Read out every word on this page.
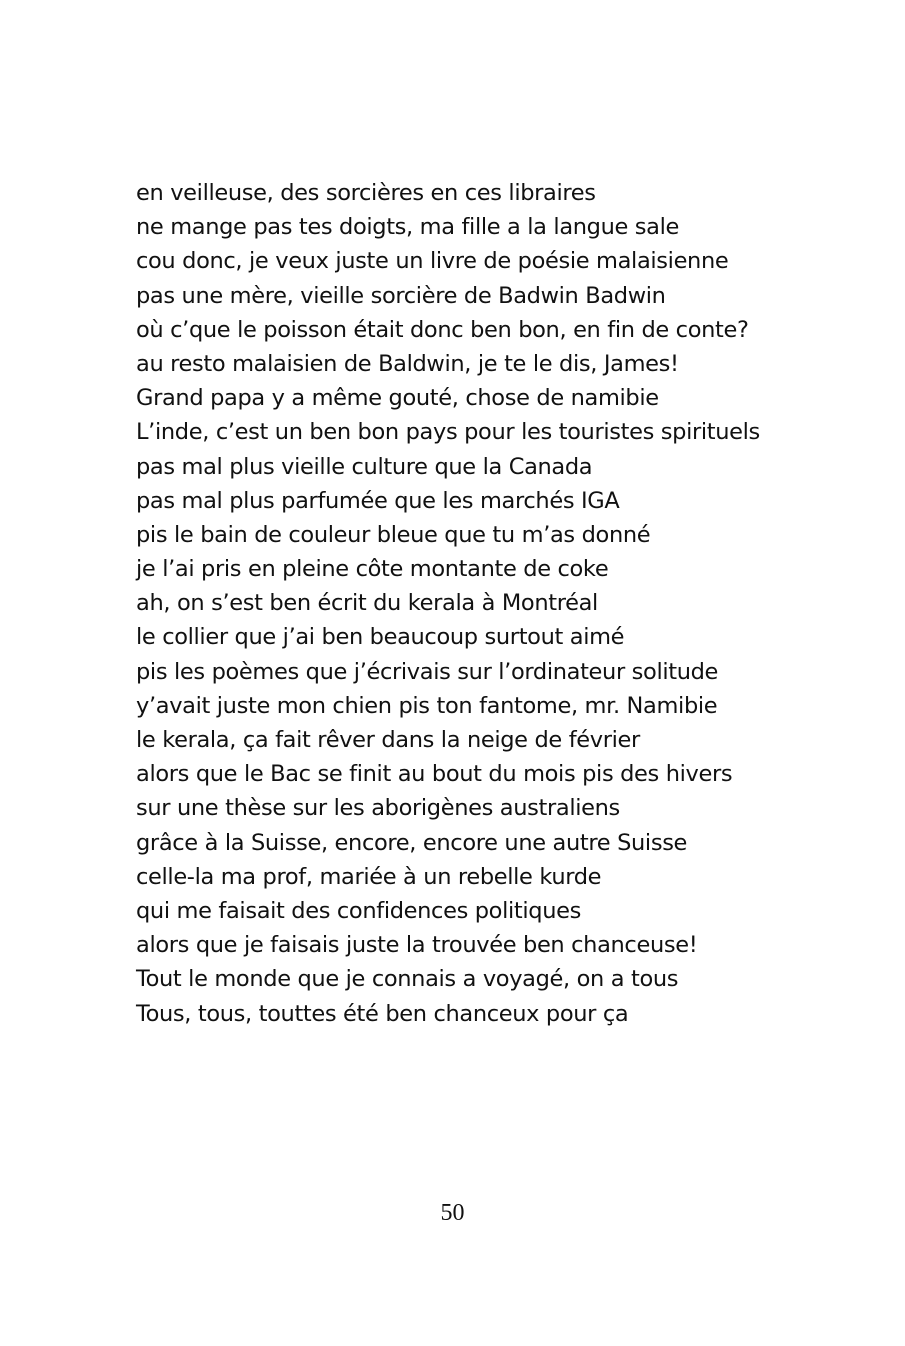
en veilleuse, des sorcières en ces libraires
ne mange pas tes doigts, ma fille a la langue sale
cou donc, je veux juste un livre de poésie malaisienne
pas une mère, vieille sorcière de Badwin Badwin
où c’que le poisson était donc ben bon, en fin de conte?
au resto malaisien de Baldwin, je te le dis, James!
Grand papa y a même gouté, chose de namibie
L’inde, c’est un ben bon pays pour les touristes spirituels
pas mal plus vieille culture que la Canada
pas mal plus parfumée que les marchés IGA
pis le bain de couleur bleue que tu m’as donné
je l’ai pris en pleine côte montante de coke
ah, on s’est ben écrit du kerala à Montréal
le collier que j’ai ben beaucoup surtout aimé
pis les poèmes que j’écrivais sur l’ordinateur solitude
y’avait juste mon chien pis ton fantome, mr. Namibie
le kerala, ça fait rêver dans la neige de février
alors que le Bac se finit au bout du mois pis des hivers
sur une thèse sur les aborigènes australiens
grâce à la Suisse, encore, encore une autre Suisse
celle-la ma prof, mariée à un rebelle kurde
qui me faisait des confidences politiques
alors que je faisais juste la trouvée ben chanceuse!
Tout le monde que je connais a voyagé, on a tous
Tous, tous, touttes été ben chanceux pour ça
50
